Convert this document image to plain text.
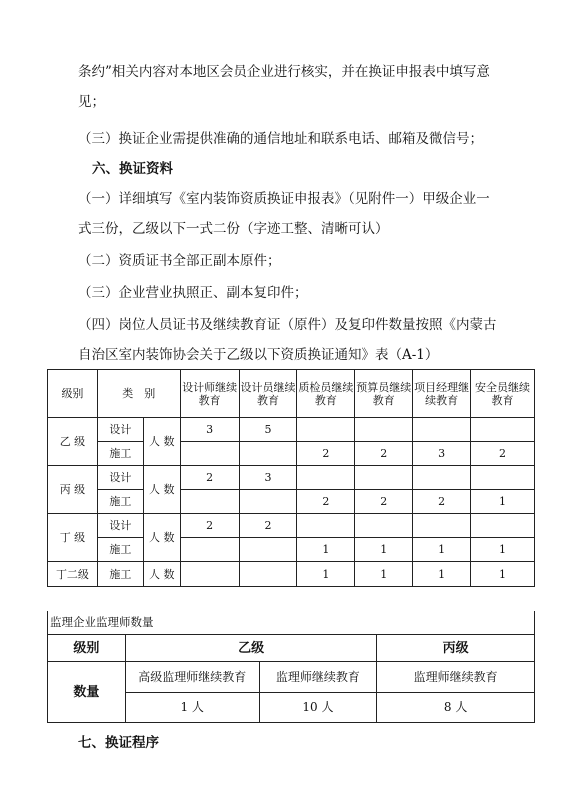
条约”相关内容对本地区会员企业进行核实，并在换证申报表中填写意
见；
（三）换证企业需提供准确的通信地址和联系电话、邮箱及微信号；
六、换证资料
（一）详细填写《室内装饰资质换证申报表》（见附件一）甲级企业一
式三份，乙级以下一式二份（字迹工整、清晰可认）
（二）资质证书全部正副本原件；
（三）企业营业执照正、副本复印件；
（四）岗位人员证书及继续教育证（原件）及复印件数量按照《内蒙古
自治区室内装饰协会关于乙级以下资质换证通知》表（A-1）
级别	类　别		设计师继续教育	设计员继续教育	质检员继续教育	预算员继续教育	项目经理继续教育	安全员继续教育
乙 级	设计	人 数	3	5				
	施工				2	2	3	2
丙 级	设计	人 数	2	3				
	施工				2	2	2	1
丁 级	设计	人 数	2	2				
	施工				1	1	1	1
丁二级	施工	人 数			1	1	1	1
监理企业监理师数量
级别	乙级		丙级
数量	高级监理师继续教育	监理师继续教育	监理师继续教育
	1 人	10 人	8 人
七、换证程序
